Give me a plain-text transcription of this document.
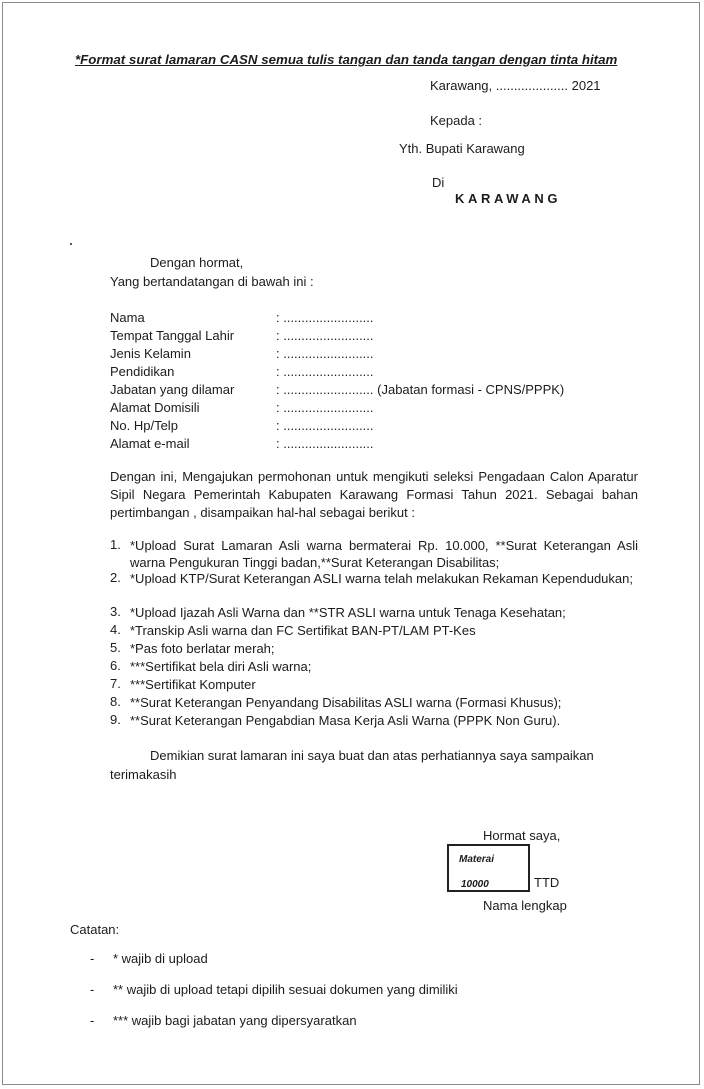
*Format surat lamaran CASN semua tulis tangan dan tanda tangan dengan tinta hitam
Karawang, .................... 2021
Kepada :
Yth. Bupati Karawang
Di
KARAWANG
Dengan hormat,
Yang bertandatangan di bawah ini :
Nama	: .........................
Tempat Tanggal Lahir	: .........................
Jenis Kelamin	: .........................
Pendidikan	: .........................
Jabatan yang dilamar	: ......................... (Jabatan formasi - CPNS/PPPK)
Alamat Domisili	: .........................
No. Hp/Telp	: .........................
Alamat e-mail	: .........................
Dengan ini, Mengajukan permohonan untuk mengikuti seleksi Pengadaan Calon Aparatur Sipil Negara Pemerintah Kabupaten Karawang Formasi Tahun 2021. Sebagai bahan pertimbangan , disampaikan hal-hal sebagai berikut :
1. *Upload Surat Lamaran Asli warna bermaterai Rp. 10.000, **Surat Keterangan Asli warna Pengukuran Tinggi badan,**Surat Keterangan Disabilitas;
2. *Upload KTP/Surat Keterangan ASLI warna telah melakukan Rekaman Kependudukan;
3. *Upload Ijazah Asli Warna dan **STR ASLI warna untuk Tenaga Kesehatan;
4. *Transkip Asli warna dan FC Sertifikat BAN-PT/LAM PT-Kes
5. *Pas foto berlatar merah;
6. ***Sertifikat bela diri Asli warna;
7. ***Sertifikat Komputer
8. **Surat Keterangan Penyandang Disabilitas ASLI warna (Formasi Khusus);
9. **Surat Keterangan Pengabdian Masa Kerja Asli Warna (PPPK Non Guru).
Demikian surat lamaran ini saya buat dan atas perhatiannya saya sampaikan
terimakasih
Hormat saya,
Materai
10000	TTD
Nama lengkap
Catatan:
- * wajib di upload
- ** wajib di upload tetapi dipilih sesuai dokumen yang dimiliki
- *** wajib bagi jabatan yang dipersyaratkan
